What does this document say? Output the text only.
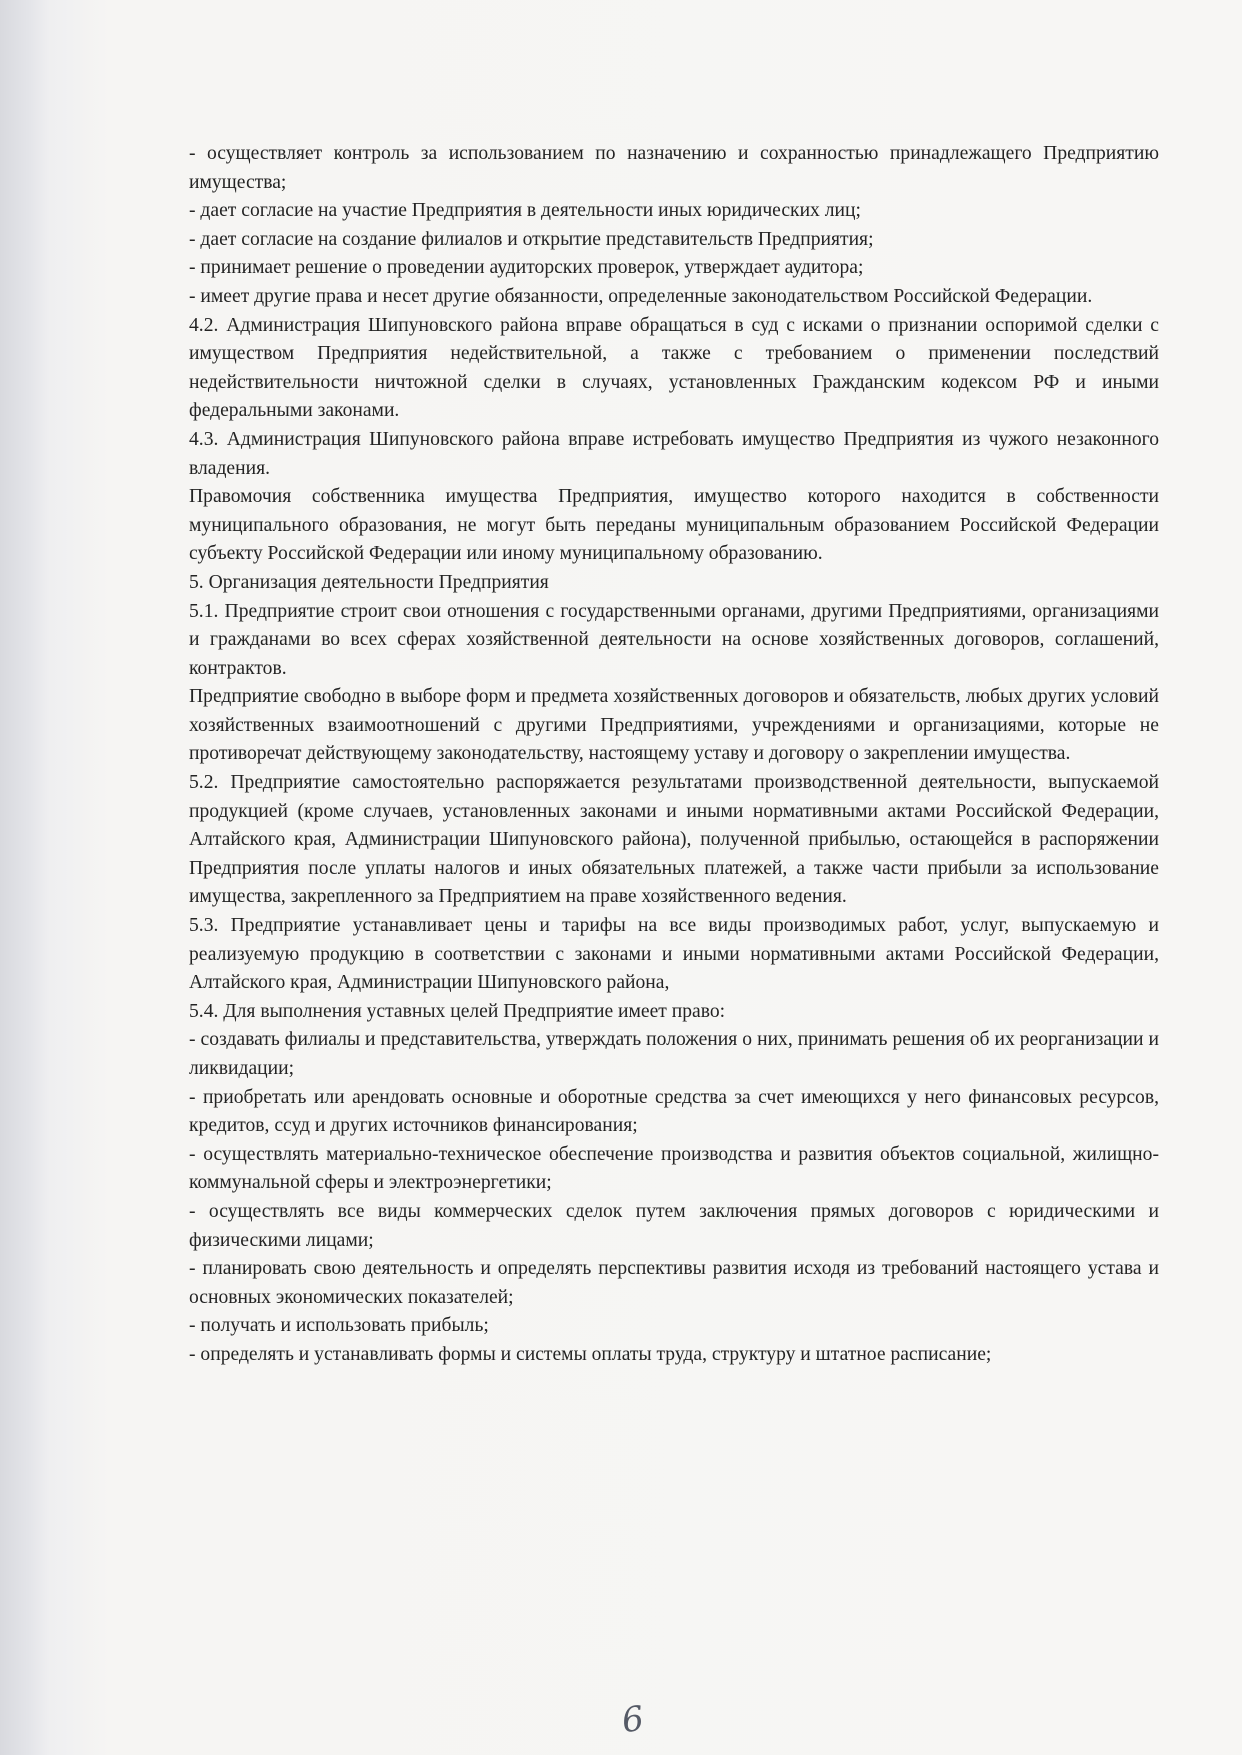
- осуществляет контроль за использованием по назначению и сохранностью принадлежащего Предприятию имущества;

- дает согласие на участие Предприятия в деятельности иных юридических лиц;

- дает согласие на создание филиалов и открытие представительств Предприятия;

- принимает решение о проведении аудиторских проверок, утверждает аудитора;

- имеет другие права и несет другие обязанности, определенные законодательством Российской Федерации.

4.2. Администрация Шипуновского района вправе обращаться в суд с исками о признании оспоримой сделки с имуществом Предприятия недействительной, а также с требованием о применении последствий недействительности ничтожной сделки в случаях, установленных Гражданским кодексом РФ и иными федеральными законами.

4.3. Администрация Шипуновского района вправе истребовать имущество Предприятия из чужого незаконного владения.

Правомочия собственника имущества Предприятия, имущество которого находится в собственности муниципального образования, не могут быть переданы муниципальным образованием Российской Федерации субъекту Российской Федерации или иному муниципальному образованию.

5. Организация деятельности Предприятия

5.1. Предприятие строит свои отношения с государственными органами, другими Предприятиями, организациями и гражданами во всех сферах хозяйственной деятельности на основе хозяйственных договоров, соглашений, контрактов.

Предприятие свободно в выборе форм и предмета хозяйственных договоров и обязательств, любых других условий хозяйственных взаимоотношений с другими Предприятиями, учреждениями и организациями, которые не противоречат действующему законодательству, настоящему уставу и договору о закреплении имущества.

5.2. Предприятие самостоятельно распоряжается результатами производственной деятельности, выпускаемой продукцией (кроме случаев, установленных законами и иными нормативными актами Российской Федерации, Алтайского края, Администрации Шипуновского района), полученной прибылью, остающейся в распоряжении Предприятия после уплаты налогов и иных обязательных платежей, а также части прибыли за использование имущества, закрепленного за Предприятием на праве хозяйственного ведения.

5.3. Предприятие устанавливает цены и тарифы на все виды производимых работ, услуг, выпускаемую и реализуемую продукцию в соответствии с законами и иными нормативными актами Российской Федерации, Алтайского края, Администрации Шипуновского района,

5.4. Для выполнения уставных целей Предприятие имеет право:

- создавать филиалы и представительства, утверждать положения о них, принимать решения об их реорганизации и ликвидации;

- приобретать или арендовать основные и оборотные средства за счет имеющихся у него финансовых ресурсов, кредитов, ссуд и других источников финансирования;

- осуществлять материально-техническое обеспечение производства и развития объектов социальной, жилищно-коммунальной сферы и электроэнергетики;

- осуществлять все виды коммерческих сделок путем заключения прямых договоров с юридическими и физическими лицами;

- планировать свою деятельность и определять перспективы развития исходя из требований настоящего устава и основных экономических показателей;

- получать и использовать прибыль;

- определять и устанавливать формы и системы оплаты труда, структуру и штатное расписание;

6
